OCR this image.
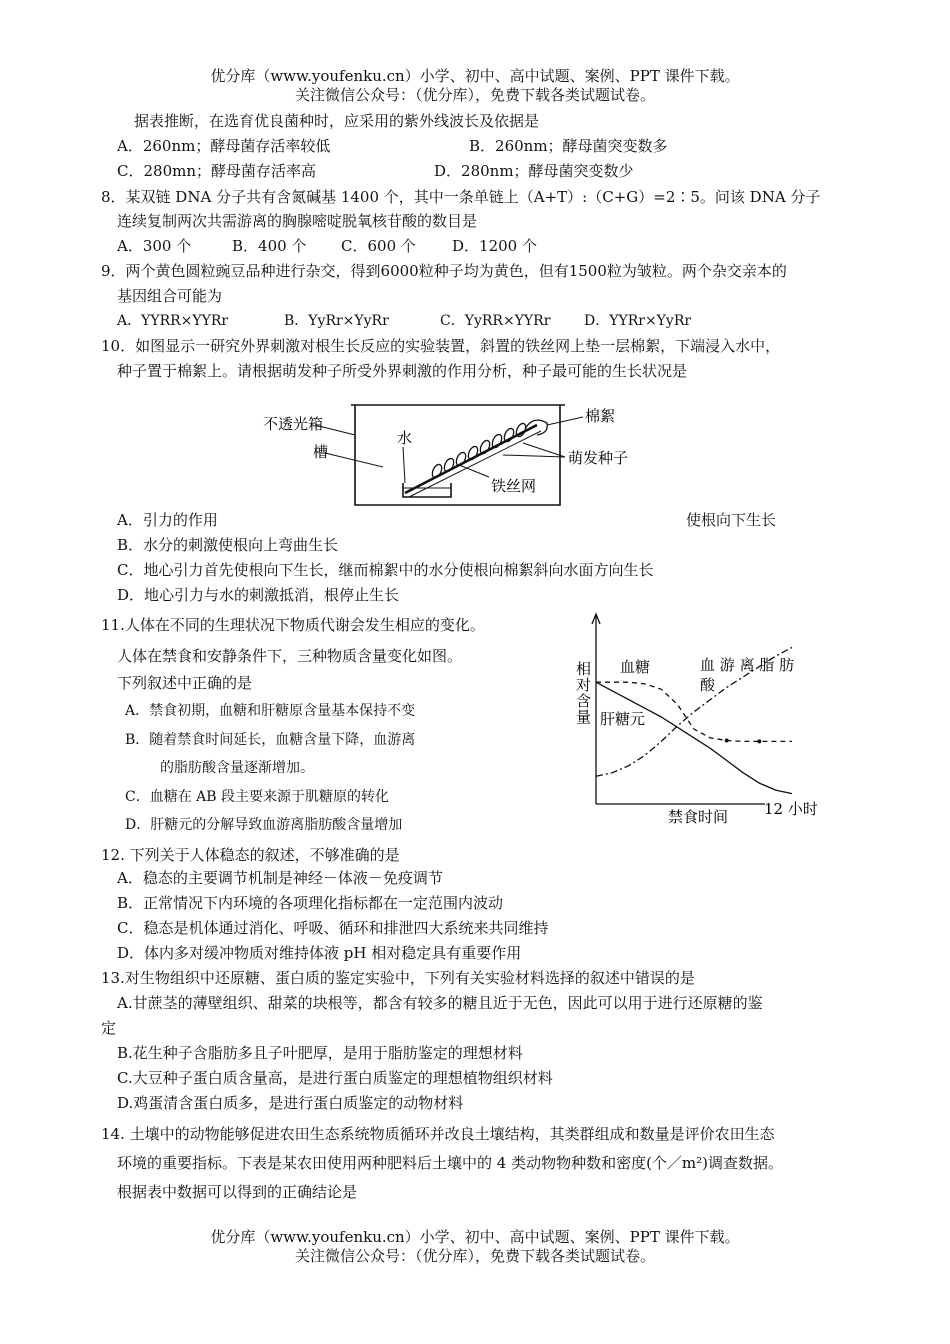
优分库（www.youfenku.cn）小学、初中、高中试题、案例、PPT 课件下载。
关注微信公众号：（优分库），免费下载各类试题试卷。
据表推断，在选育优良菌种时，应采用的紫外线波长及依据是
A．260nm；酵母菌存活率较低	B．260nm；酵母菌突变数多
C．280mn；酵母菌存活率高	D．280nm；酵母菌突变数少
8．某双链 DNA 分子共有含氮碱基 1400 个，其中一条单链上（A+T）:（C+G）=2∶5。问该 DNA 分子
连续复制两次共需游离的胸腺嘧啶脱氧核苷酸的数目是
A．300 个	B．400 个 C．600 个 D．1200 个
9．两个黄色圆粒豌豆品种进行杂交，得到6000粒种子均为黄色，但有1500粒为皱粒。两个杂交亲本的
基因组合可能为
A．YYRR×YYRr	B．YyRr×YyRr	C．YyRR×YYRr D．YYRr×YyRr
10．如图显示一研究外界刺激对根生长反应的实验装置，斜置的铁丝网上垫一层棉絮，下端浸入水中，
种子置于棉絮上。请根据萌发种子所受外界刺激的作用分析，种子最可能的生长状况是
不透光箱
槽
水
棉絮
萌发种子
铁丝网
A．引力的作用	使根向下生长
B．水分的刺激使根向上弯曲生长
C．地心引力首先使根向下生长，继而棉絮中的水分使根向棉絮斜向水面方向生长
D．地心引力与水的刺激抵消，根停止生长
11.人体在不同的生理状况下物质代谢会发生相应的变化。
人体在禁食和安静条件下，三种物质含量变化如图。
下列叙述中正确的是
A．禁食初期，血糖和肝糖原含量基本保持不变
B．随着禁食时间延长，血糖含量下降，血游离
的脂肪酸含量逐渐增加。
C．血糖在 AB 段主要来源于肌糖原的转化
D．肝糖元的分解导致血游离脂肪酸含量增加
相
对
含
量
血糖	血 游 离 脂 肪
酸
肝糖元
禁食时间 12 小时
12. 下列关于人体稳态的叙述，不够准确的是
A．稳态的主要调节机制是神经－体液－免疫调节
B．正常情况下内环境的各项理化指标都在一定范围内波动
C．稳态是机体通过消化、呼吸、循环和排泄四大系统来共同维持
D．体内多对缓冲物质对维持体液 pH 相对稳定具有重要作用
13.对生物组织中还原糖、蛋白质的鉴定实验中，下列有关实验材料选择的叙述中错误的是
A.甘蔗茎的薄壁组织、甜菜的块根等，都含有较多的糖且近于无色，因此可以用于进行还原糖的鉴
定
B.花生种子含脂肪多且子叶肥厚，是用于脂肪鉴定的理想材料
C.大豆种子蛋白质含量高，是进行蛋白质鉴定的理想植物组织材料
D.鸡蛋清含蛋白质多，是进行蛋白质鉴定的动物材料
14. 土壤中的动物能够促进农田生态系统物质循环并改良土壤结构，其类群组成和数量是评价农田生态
环境的重要指标。下表是某农田使用两种肥料后土壤中的 4 类动物物种数和密度(个／m²)调查数据。
根据表中数据可以得到的正确结论是
优分库（www.youfenku.cn）小学、初中、高中试题、案例、PPT 课件下载。
关注微信公众号：（优分库），免费下载各类试题试卷。
